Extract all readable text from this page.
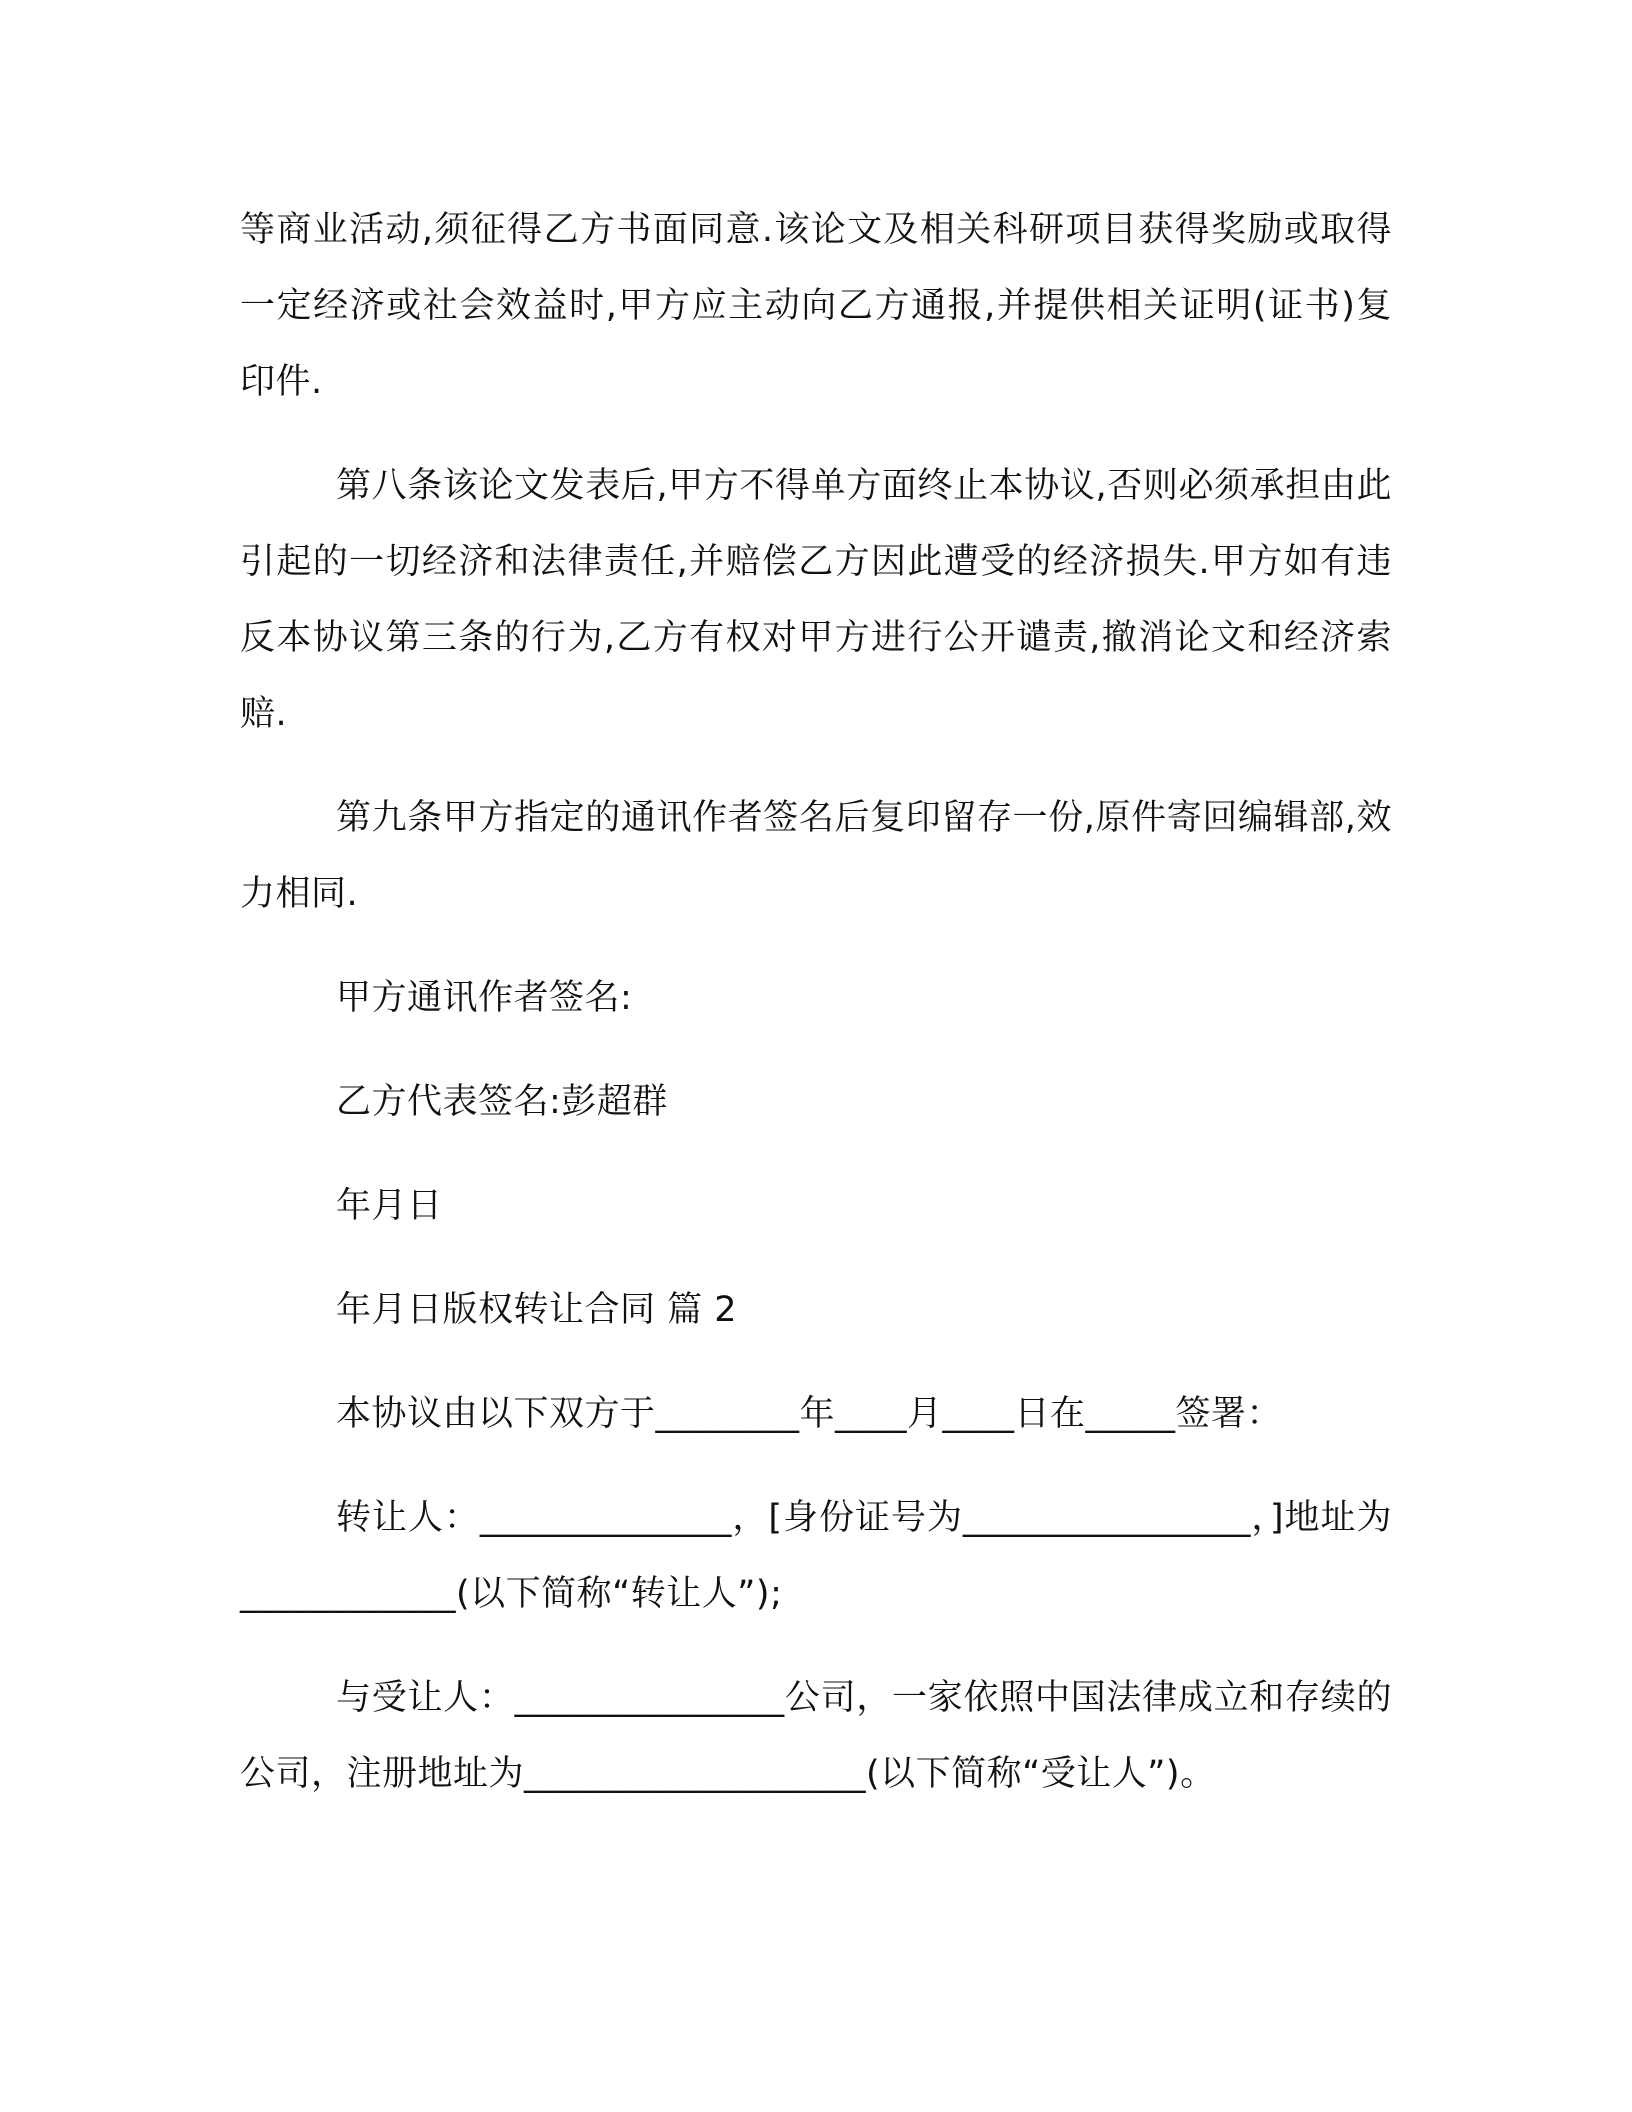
等商业活动,须征得乙方书面同意.该论文及相关科研项目获得奖励或取得一定经济或社会效益时,甲方应主动向乙方通报,并提供相关证明(证书)复印件.

第八条该论文发表后,甲方不得单方面终止本协议,否则必须承担由此引起的一切经济和法律责任,并赔偿乙方因此遭受的经济损失.甲方如有违反本协议第三条的行为,乙方有权对甲方进行公开谴责,撤消论文和经济索赔.

第九条甲方指定的通讯作者签名后复印留存一份,原件寄回编辑部,效力相同.

甲方通讯作者签名:

乙方代表签名:彭超群

年月日

年月日版权转让合同 篇 2

本协议由以下双方于________年____月____日在_____签署：

转让人：______________，[身份证号为________________，]地址为____________(以下简称“转让人”);

与受让人：_______________公司，一家依照中国法律成立和存续的公司，注册地址为___________________(以下简称“受让人”)。
